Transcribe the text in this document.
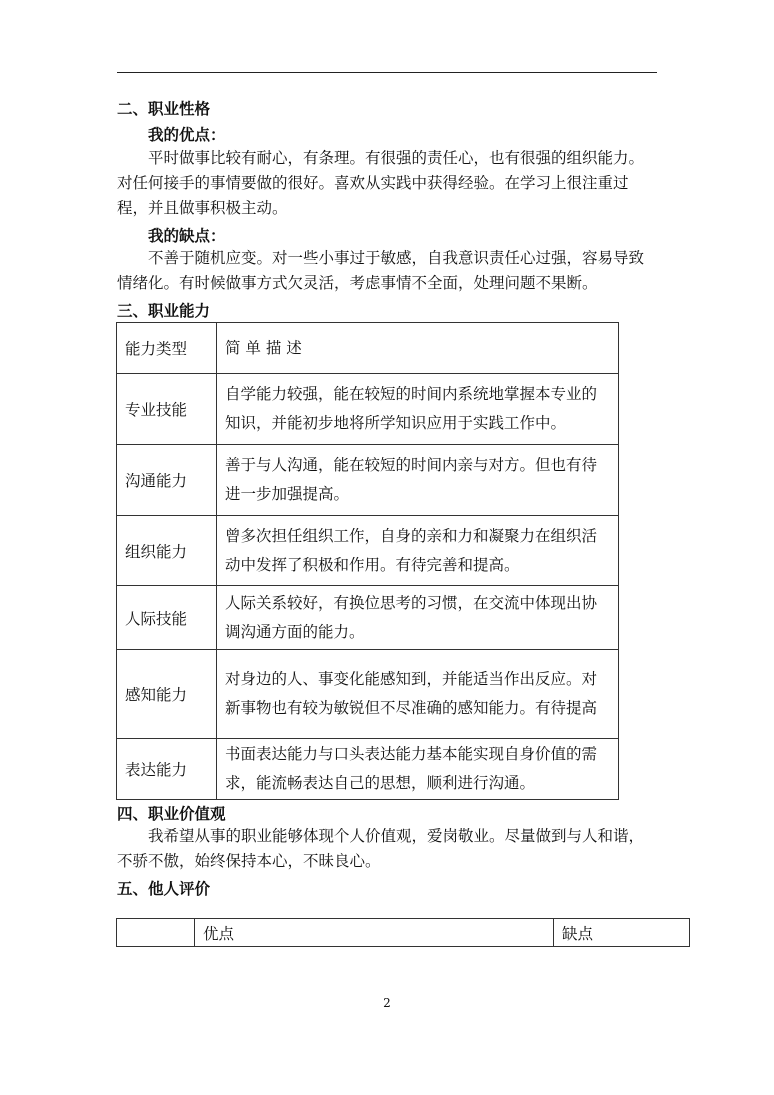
二、职业性格
我的优点：
平时做事比较有耐心，有条理。有很强的责任心，也有很强的组织能力。对任何接手的事情要做的很好。喜欢从实践中获得经验。在学习上很注重过程，并且做事积极主动。
我的缺点：
不善于随机应变。对一些小事过于敏感，自我意识责任心过强，容易导致情绪化。有时候做事方式欠灵活，考虑事情不全面，处理问题不果断。
三、职业能力
能力类型	简 单 描 述
专业技能	自学能力较强，能在较短的时间内系统地掌握本专业的知识，并能初步地将所学知识应用于实践工作中。
沟通能力	善于与人沟通，能在较短的时间内亲与对方。但也有待进一步加强提高。
组织能力	曾多次担任组织工作，自身的亲和力和凝聚力在组织活动中发挥了积极和作用。有待完善和提高。
人际技能	人际关系较好，有换位思考的习惯，在交流中体现出协调沟通方面的能力。
感知能力	对身边的人、事变化能感知到，并能适当作出反应。对新事物也有较为敏锐但不尽准确的感知能力。有待提高
表达能力	书面表达能力与口头表达能力基本能实现自身价值的需求，能流畅表达自己的思想，顺利进行沟通。
四、职业价值观
我希望从事的职业能够体现个人价值观，爱岗敬业。尽量做到与人和谐，不骄不傲，始终保持本心，不昧良心。
五、他人评价
	优点	缺点
2
